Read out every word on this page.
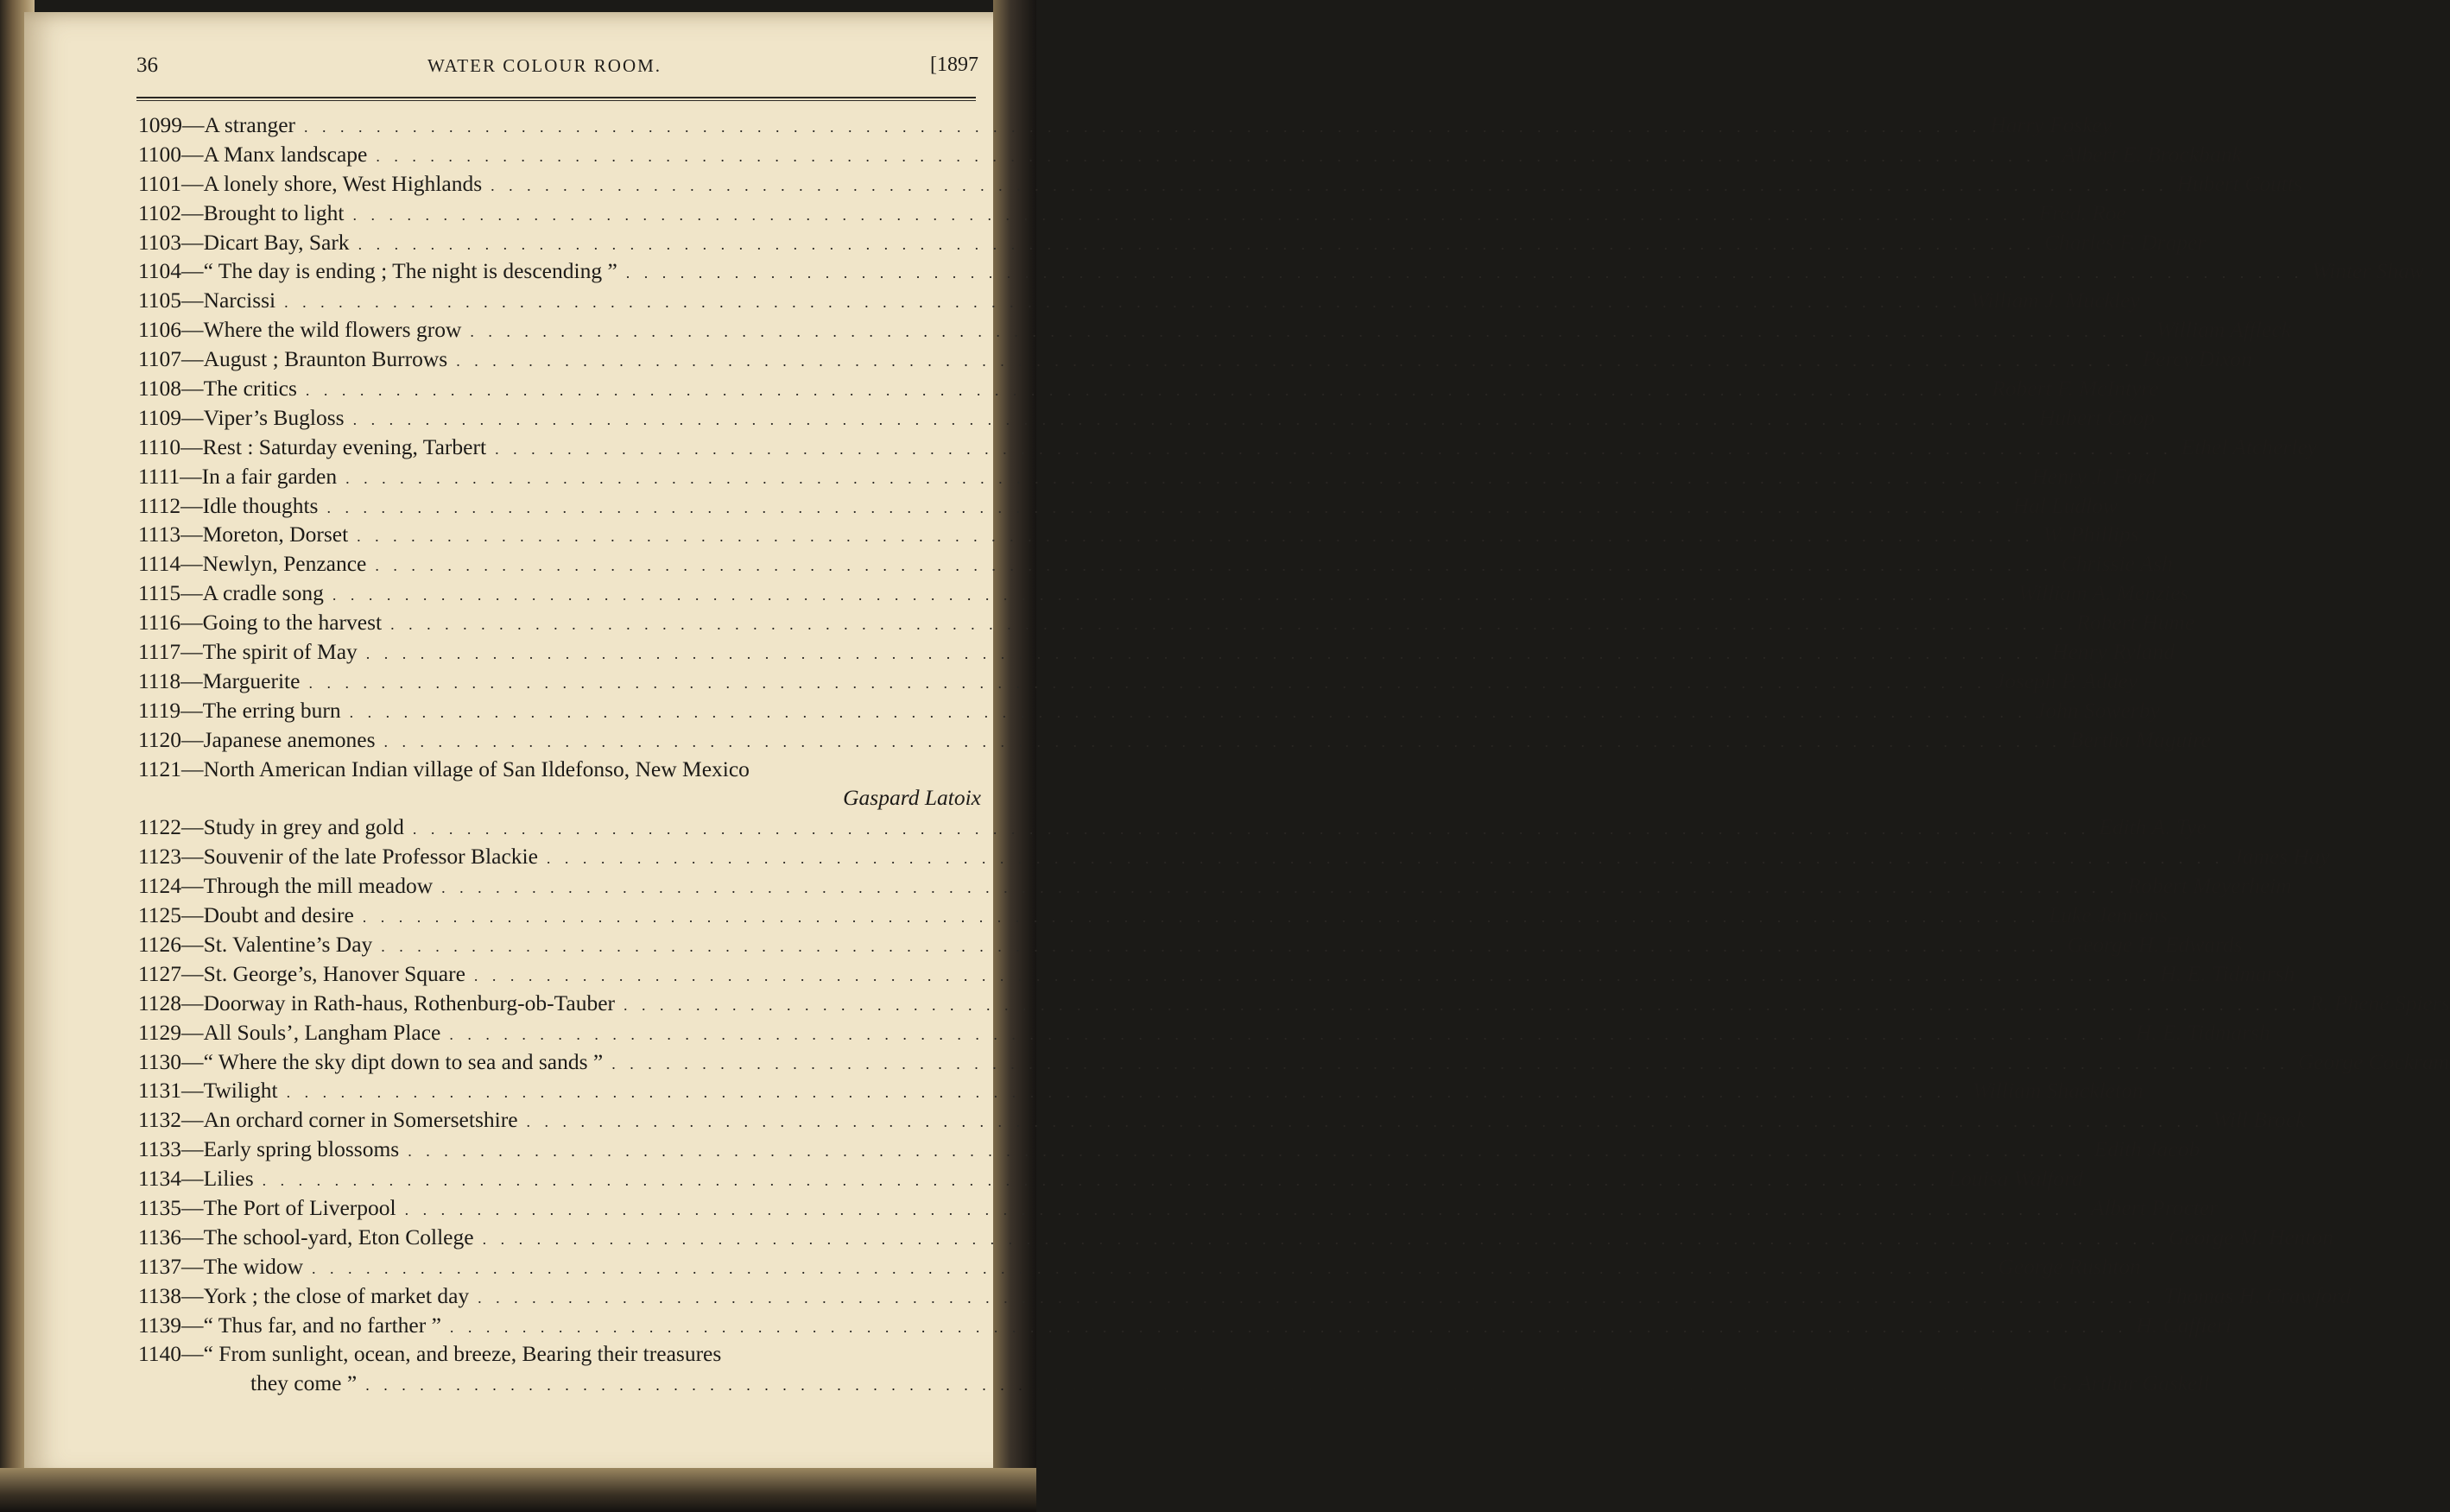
36	WATER COLOUR ROOM.	[1897
1099— A stranger . . . . . . . . . . . . . . . . . . . . . . . . . . . . . . . . . . . . . . . . . . . . . . . . . . . . . . . . . . . . . . . . . . . . . . . . . . . . . . . . . . . . . . . . . . . . . Harry Foskey
1100— A Manx landscape . . . . . . . . . . . . . . . . . . . . . . . . . . . . . . . . . . . . . . . . . . . . . . . . . . . . . . . . . . . . . . . . . . . . . . . . . . . . . . . . . . . . . . . . . . . . . Albert E. Brockbank
1101— A lonely shore, West Highlands . . . . . . . . . . . . . . . . . . . . . . . . . . . . . . . . . . . . . . . . . . . . . . . . . . . . . . . . . . . . . . . . . . . . . . . . . . . . . . . . . . . . . . . . . . . . . Hubert Coutts
1102— Brought to light . . . . . . . . . . . . . . . . . . . . . . . . . . . . . . . . . . . . . . . . . . . . . . . . . . . . . . . . . . . . . . . . . . . . . . . . . . . . . . . . . . . . . . . . . . . . . Fred. Roe
1103— Dicart Bay, Sark . . . . . . . . . . . . . . . . . . . . . . . . . . . . . . . . . . . . . . . . . . . . . . . . . . . . . . . . . . . . . . . . . . . . . . . . . . . . . . . . . . . . . . . . . . . . . Charles F. Draper
1104— “ The day is ending ; The night is descending ” . . . . . . . . . . . . . . . . . . . . . . . . . . . . . . . . . . . . . . . . . . . . . . . . . . . . . . . . . . . . . . . . . . . . . . . . . . . . . . . . . . . . . . . . . . . . . Winter Shaw
1105— Narcissi . . . . . . . . . . . . . . . . . . . . . . . . . . . . . . . . . . . . . . . . . . . . . . . . . . . . . . . . . . . . . . . . . . . . . . . . . . . . . . . . . . . . . . . . . . . . . William J. Muckley
1106— Where the wild flowers grow . . . . . . . . . . . . . . . . . . . . . . . . . . . . . . . . . . . . . . . . . . . . . . . . . . . . . . . . . . . . . . . . . . . . . . . . . . . . . . . . . . . . . . . . . . . . . William Affleck
1107— August ; Braunton Burrows . . . . . . . . . . . . . . . . . . . . . . . . . . . . . . . . . . . . . . . . . . . . . . . . . . . . . . . . . . . . . . . . . . . . . . . . . . . . . . . . . . . . . . . . . . . . . Percy Dixon
1108— The critics . . . . . . . . . . . . . . . . . . . . . . . . . . . . . . . . . . . . . . . . . . . . . . . . . . . . . . . . . . . . . . . . . . . . . . . . . . . . . . . . . . . . . . . . . . . . . Robert F. McIntyre
1109— Viper’s Bugloss . . . . . . . . . . . . . . . . . . . . . . . . . . . . . . . . . . . . . . . . . . . . . . . . . . . . . . . . . . . . . . . . . . . . . . . . . . . . . . . . . . . . . . . . . . . . . Hubert Coop
1110— Rest : Saturday evening, Tarbert . . . . . . . . . . . . . . . . . . . . . . . . . . . . . . . . . . . . . . . . . . . . . . . . . . . . . . . . . . . . . . . . . . . . . . . . . . . . . . . . . . . . . . . . . . . . . Ethel Atcherley
1111— In a fair garden . . . . . . . . . . . . . . . . . . . . . . . . . . . . . . . . . . . . . . . . . . . . . . . . . . . . . . . . . . . . . . . . . . . . . . . . . . . . . . . . . . . . . . . . . . . . . Henry J. Ford
1112— Idle thoughts . . . . . . . . . . . . . . . . . . . . . . . . . . . . . . . . . . . . . . . . . . . . . . . . . . . . . . . . . . . . . . . . . . . . . . . . . . . . . . . . . . . . . . . . . . . . . Hal Ludlow
1113— Moreton, Dorset . . . . . . . . . . . . . . . . . . . . . . . . . . . . . . . . . . . . . . . . . . . . . . . . . . . . . . . . . . . . . . . . . . . . . . . . . . . . . . . . . . . . . . . . . . . . . W. Phillips
1114— Newlyn, Penzance . . . . . . . . . . . . . . . . . . . . . . . . . . . . . . . . . . . . . . . . . . . . . . . . . . . . . . . . . . . . . . . . . . . . . . . . . . . . . . . . . . . . . . . . . . . . . Chrissie Ash
1115— A cradle song . . . . . . . . . . . . . . . . . . . . . . . . . . . . . . . . . . . . . . . . . . . . . . . . . . . . . . . . . . . . . . . . . . . . . . . . . . . . . . . . . . . . . . . . . . . . . William A. Menzies
1116— Going to the harvest . . . . . . . . . . . . . . . . . . . . . . . . . . . . . . . . . . . . . . . . . . . . . . . . . . . . . . . . . . . . . . . . . . . . . . . . . . . . . . . . . . . . . . . . . . . . . Robert Hume
1117— The spirit of May . . . . . . . . . . . . . . . . . . . . . . . . . . . . . . . . . . . . . . . . . . . . . . . . . . . . . . . . . . . . . . . . . . . . . . . . . . . . . . . . . . . . . . . . . . . . . Henry Ryland
1118— Marguerite . . . . . . . . . . . . . . . . . . . . . . . . . . . . . . . . . . . . . . . . . . . . . . . . . . . . . . . . . . . . . . . . . . . . . . . . . . . . . . . . . . . . . . . . . . . . . Joseph P. Addey
1119— The erring burn . . . . . . . . . . . . . . . . . . . . . . . . . . . . . . . . . . . . . . . . . . . . . . . . . . . . . . . . . . . . . . . . . . . . . . . . . . . . . . . . . . . . . . . . . . . . . John Sowerby
1120— Japanese anemones . . . . . . . . . . . . . . . . . . . . . . . . . . . . . . . . . . . . . . . . . . . . . . . . . . . . . . . . . . . . . . . . . . . . . . . . . . . . . . . . . . . . . . . . . . . . . Bertha Maguire
1121— North American Indian village of San Ildefonso, New Mexico
Gaspard Latoix
1122— Study in grey and gold . . . . . . . . . . . . . . . . . . . . . . . . . . . . . . . . . . . . . . . . . . . . . . . . . . . . . . . . . . . . . . . . . . . . . . . . . . . . . . . . . . . . . . . . . . . . . Edith A. Tye
1123— Souvenir of the late Professor Blackie . . . . . . . . . . . . . . . . . . . . . . . . . . . . . . . . . . . . . . . . . . . . . . . . . . . . . . . . . . . . . . . . . . . . . . . . . . . . . . . . . . . . . . . . . . . . . James Hay
1124— Through the mill meadow . . . . . . . . . . . . . . . . . . . . . . . . . . . . . . . . . . . . . . . . . . . . . . . . . . . . . . . . . . . . . . . . . . . . . . . . . . . . . . . . . . . . . . . . . . . . . Robert Meyerheim
1125— Doubt and desire . . . . . . . . . . . . . . . . . . . . . . . . . . . . . . . . . . . . . . . . . . . . . . . . . . . . . . . . . . . . . . . . . . . . . . . . . . . . . . . . . . . . . . . . . . . . . Luke Jennens
1126— St. Valentine’s Day . . . . . . . . . . . . . . . . . . . . . . . . . . . . . . . . . . . . . . . . . . . . . . . . . . . . . . . . . . . . . . . . . . . . . . . . . . . . . . . . . . . . . . . . . . . . . George H. Edwards
1127— St. George’s, Hanover Square . . . . . . . . . . . . . . . . . . . . . . . . . . . . . . . . . . . . . . . . . . . . . . . . . . . . . . . . . . . . . . . . . . . . . . . . . . . . . . . . . . . . . . . . . . . . . H. E. Tidmarsh
1128— Doorway in Rath-haus, Rothenburg-ob-Tauber . . . . . . . . . . . . . . . . . . . . . . . . . . . . . . . . . . . . . . . . . . . . . . . . . . . . . . . . . . . . . . . . . . . . . . . . . . . . . . . . . . . . . . . . . . . . . R. Phené Spiers
1129— All Souls’, Langham Place . . . . . . . . . . . . . . . . . . . . . . . . . . . . . . . . . . . . . . . . . . . . . . . . . . . . . . . . . . . . . . . . . . . . . . . . . . . . . . . . . . . . . . . . . . . . . H. E. Tidmarsh
1130— “ Where the sky dipt down to sea and sands ” . . . . . . . . . . . . . . . . . . . . . . . . . . . . . . . . . . . . . . . . . . . . . . . . . . . . . . . . . . . . . . . . . . . . . . . . . . . . . . . . . . . . . . . . . . . . . George Cockram
1131— Twilight . . . . . . . . . . . . . . . . . . . . . . . . . . . . . . . . . . . . . . . . . . . . . . . . . . . . . . . . . . . . . . . . . . . . . . . . . . . . . . . . . . . . . . . . . . . . . William Shackleton
1132— An orchard corner in Somersetshire . . . . . . . . . . . . . . . . . . . . . . . . . . . . . . . . . . . . . . . . . . . . . . . . . . . . . . . . . . . . . . . . . . . . . . . . . . . . . . . . . . . . . . . . . . . . . Will Brock
1133— Early spring blossoms . . . . . . . . . . . . . . . . . . . . . . . . . . . . . . . . . . . . . . . . . . . . . . . . . . . . . . . . . . . . . . . . . . . . . . . . . . . . . . . . . . . . . . . . . . . . . Edith Jacob
1134— Lilies . . . . . . . . . . . . . . . . . . . . . . . . . . . . . . . . . . . . . . . . . . . . . . . . . . . . . . . . . . . . . . . . . . . . . . . . . . . . . . . . . . . . . . . . . . . . . Louisa Walford
1135— The Port of Liverpool . . . . . . . . . . . . . . . . . . . . . . . . . . . . . . . . . . . . . . . . . . . . . . . . . . . . . . . . . . . . . . . . . . . . . . . . . . . . . . . . . . . . . . . . . . . . . Albert Procter
1136— The school-yard, Eton College . . . . . . . . . . . . . . . . . . . . . . . . . . . . . . . . . . . . . . . . . . . . . . . . . . . . . . . . . . . . . . . . . . . . . . . . . . . . . . . . . . . . . . . . . . . . . George M. Henton
1137— The widow . . . . . . . . . . . . . . . . . . . . . . . . . . . . . . . . . . . . . . . . . . . . . . . . . . . . . . . . . . . . . . . . . . . . . . . . . . . . . . . . . . . . . . . . . . . . . George Rushton
1138— York ; the close of market day . . . . . . . . . . . . . . . . . . . . . . . . . . . . . . . . . . . . . . . . . . . . . . . . . . . . . . . . . . . . . . . . . . . . . . . . . . . . . . . . . . . . . . . . . . . . . Thomas H. Crawford
1139— “ Thus far, and no farther ” . . . . . . . . . . . . . . . . . . . . . . . . . . . . . . . . . . . . . . . . . . . . . . . . . . . . . . . . . . . . . . . . . . . . . . . . . . . . . . . . . . . . . . . . . . . . . H. Caffieri
1140— “ From sunlight, ocean, and breeze, Bearing their treasures
they come ” . . . . . . . . . . . . . . . . . . . . . . . . . . . . . . . . . . . . . . . . . . . . . . . . . . . . . . . . . . . . . . . . . . . . . . . . . . . . . . . . . . . . . . . . . . . . . G. Arthur Gaskell
